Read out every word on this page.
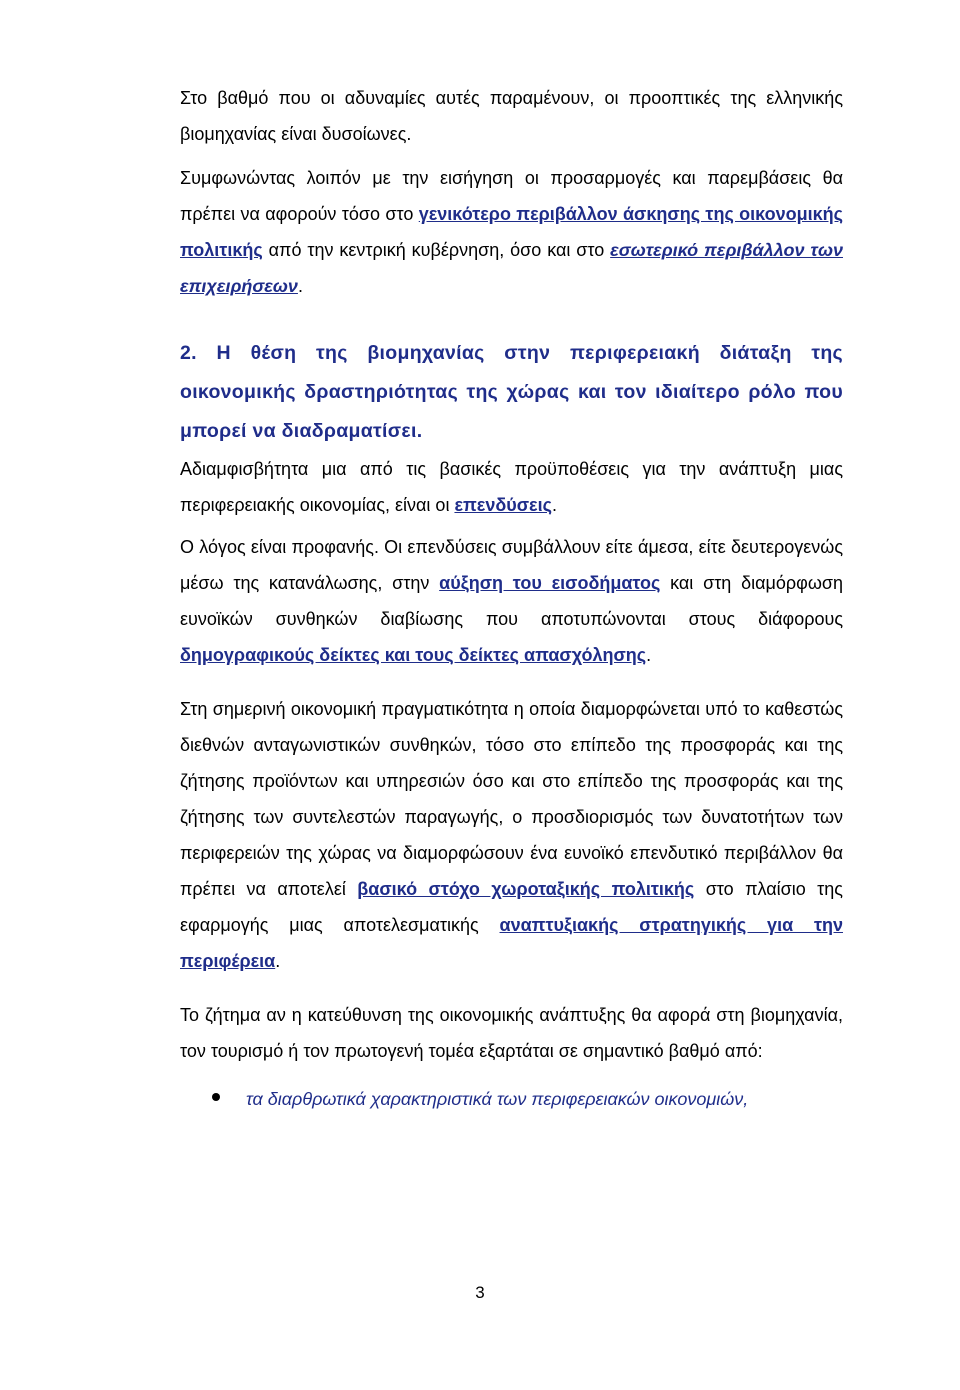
Στο βαθμό που οι αδυναμίες αυτές παραμένουν, οι προοπτικές της ελληνικής βιομηχανίας είναι δυσοίωνες.

Συμφωνώντας λοιπόν με την εισήγηση οι προσαρμογές και παρεμβάσεις θα πρέπει να αφορούν τόσο στο γενικότερο περιβάλλον άσκησης της οικονομικής πολιτικής από την κεντρική κυβέρνηση, όσο και στο εσωτερικό περιβάλλον των επιχειρήσεων.

2. Η θέση της βιομηχανίας στην περιφερειακή διάταξη της οικονομικής δραστηριότητας της χώρας και τον ιδιαίτερο ρόλο που μπορεί να διαδραματίσει.

Αδιαμφισβήτητα μια από τις βασικές προϋποθέσεις για την ανάπτυξη μιας περιφερειακής οικονομίας, είναι οι επενδύσεις.

Ο λόγος είναι προφανής. Οι επενδύσεις συμβάλλουν είτε άμεσα, είτε δευτερογενώς μέσω της κατανάλωσης, στην αύξηση του εισοδήματος και στη διαμόρφωση ευνοϊκών συνθηκών διαβίωσης που αποτυπώνονται στους διάφορους δημογραφικούς δείκτες και τους δείκτες απασχόλησης.

Στη σημερινή οικονομική πραγματικότητα η οποία διαμορφώνεται υπό το καθεστώς διεθνών ανταγωνιστικών συνθηκών, τόσο στο επίπεδο της προσφοράς και της ζήτησης προϊόντων και υπηρεσιών όσο και στο επίπεδο της προσφοράς και της ζήτησης των συντελεστών παραγωγής, ο προσδιορισμός των δυνατοτήτων των περιφερειών της χώρας να διαμορφώσουν ένα ευνοϊκό επενδυτικό περιβάλλον θα πρέπει να αποτελεί βασικό στόχο χωροταξικής πολιτικής στο πλαίσιο της εφαρμογής μιας αποτελεσματικής αναπτυξιακής στρατηγικής για την περιφέρεια.

Το ζήτημα αν η κατεύθυνση της οικονομικής ανάπτυξης θα αφορά στη βιομηχανία, τον τουρισμό ή τον πρωτογενή τομέα εξαρτάται σε σημαντικό βαθμό από:

τα διαρθρωτικά χαρακτηριστικά των περιφερειακών οικονομιών,
3
